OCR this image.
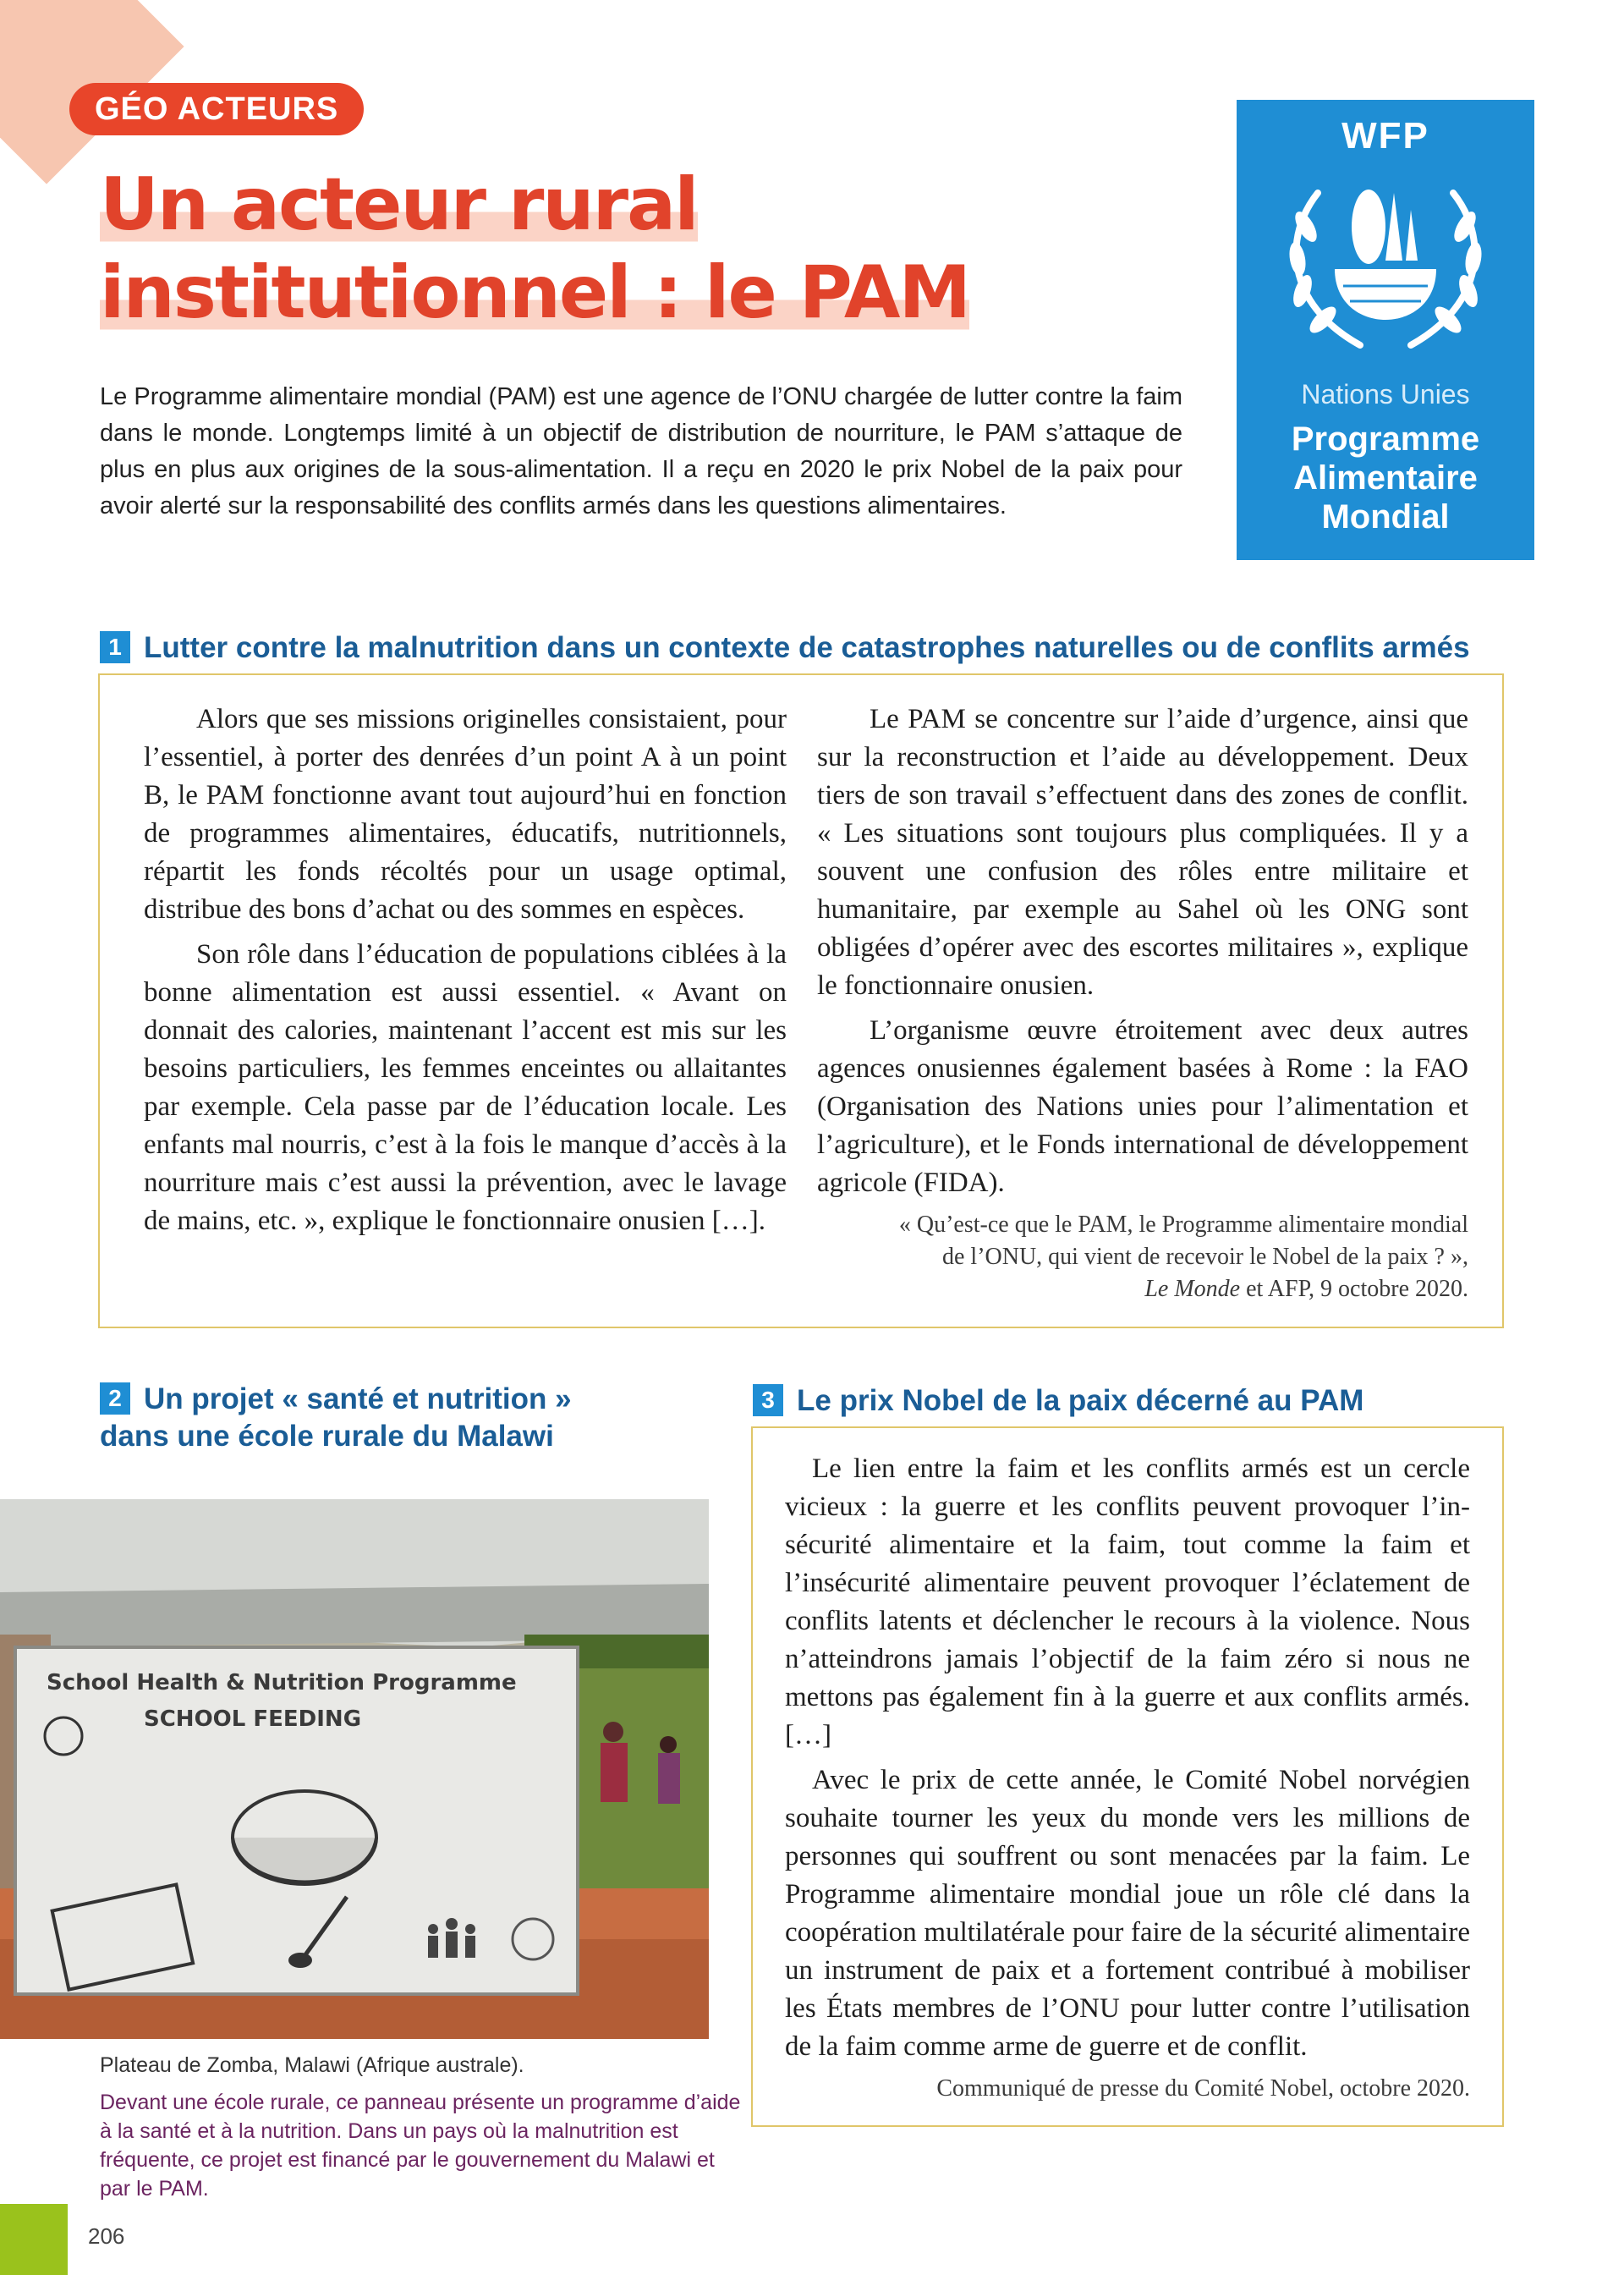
GÉO ACTEURS
Un acteur rural
institutionnel : le PAM
Le Programme alimentaire mondial (PAM) est une agence de l’ONU chargée de lutter contre la faim dans le monde. Longtemps limité à un objectif de distribution de nourriture, le PAM s’attaque de plus en plus aux origines de la sous-alimentation. Il a reçu en 2020 le prix Nobel de la paix pour avoir alerté sur la responsabilité des conflits armés dans les questions alimentaires.
WFP
Nations Unies
Programme
Alimentaire
Mondial
1 Lutter contre la malnutrition dans un contexte de catastrophes naturelles ou de conflits armés

Alors que ses missions originelles consistaient, pour l’essentiel, à porter des denrées d’un point A à un point B, le PAM fonctionne avant tout aujourd’hui en fonction de programmes alimentaires, éducatifs, nutritionnels, répartit les fonds récoltés pour un usage optimal, distribue des bons d’achat ou des sommes en espèces.

Son rôle dans l’éducation de populations ciblées à la bonne alimentation est aussi essentiel. « Avant on donnait des calories, maintenant l’accent est mis sur les besoins particuliers, les femmes enceintes ou allaitantes par exemple. Cela passe par de l’éducation locale. Les enfants mal nourris, c’est à la fois le manque d’accès à la nourriture mais c’est aussi la prévention, avec le lavage de mains, etc. », explique le fonctionnaire onusien […].

Le PAM se concentre sur l’aide d’urgence, ainsi que sur la reconstruction et l’aide au développement. Deux tiers de son travail s’effectuent dans des zones de conflit. « Les situations sont toujours plus compliquées. Il y a souvent une confusion des rôles entre militaire et humanitaire, par exemple au Sahel où les ONG sont obligées d’opérer avec des escortes militaires », explique le fonctionnaire onusien.

L’organisme œuvre étroitement avec deux autres agences onusiennes également basées à Rome : la FAO (Organisation des Nations unies pour l’alimentation et l’agriculture), et le Fonds international de développement agricole (FIDA).

« Qu’est-ce que le PAM, le Programme alimentaire mondial
de l’ONU, qui vient de recevoir le Nobel de la paix ? »,
Le Monde et AFP, 9 octobre 2020.
2 Un projet « santé et nutrition »
dans une école rurale du Malawi
School Health & Nutrition Programme
SCHOOL FEEDING
Plateau de Zomba, Malawi (Afrique australe).
Devant une école rurale, ce panneau présente un programme d’aide à la santé et à la nutrition. Dans un pays où la malnutrition est fréquente, ce projet est financé par le gouvernement du Malawi et par le PAM.
3 Le prix Nobel de la paix décerné au PAM

Le lien entre la faim et les conflits armés est un cercle vicieux : la guerre et les conflits peuvent provoquer l’insécurité alimentaire et la faim, tout comme la faim et l’insécurité alimentaire peuvent provoquer l’éclatement de conflits latents et déclencher le recours à la violence. Nous n’atteindrons jamais l’objectif de la faim zéro si nous ne mettons pas également fin à la guerre et aux conflits armés. […]

Avec le prix de cette année, le Comité Nobel norvégien souhaite tourner les yeux du monde vers les millions de personnes qui souffrent ou sont menacées par la faim. Le Programme alimentaire mondial joue un rôle clé dans la coopération multilatérale pour faire de la sécurité alimentaire un instrument de paix et a fortement contribué à mobiliser les États membres de l’ONU pour lutter contre l’utilisation de la faim comme arme de guerre et de conflit.

Communiqué de presse du Comité Nobel, octobre 2020.
206
